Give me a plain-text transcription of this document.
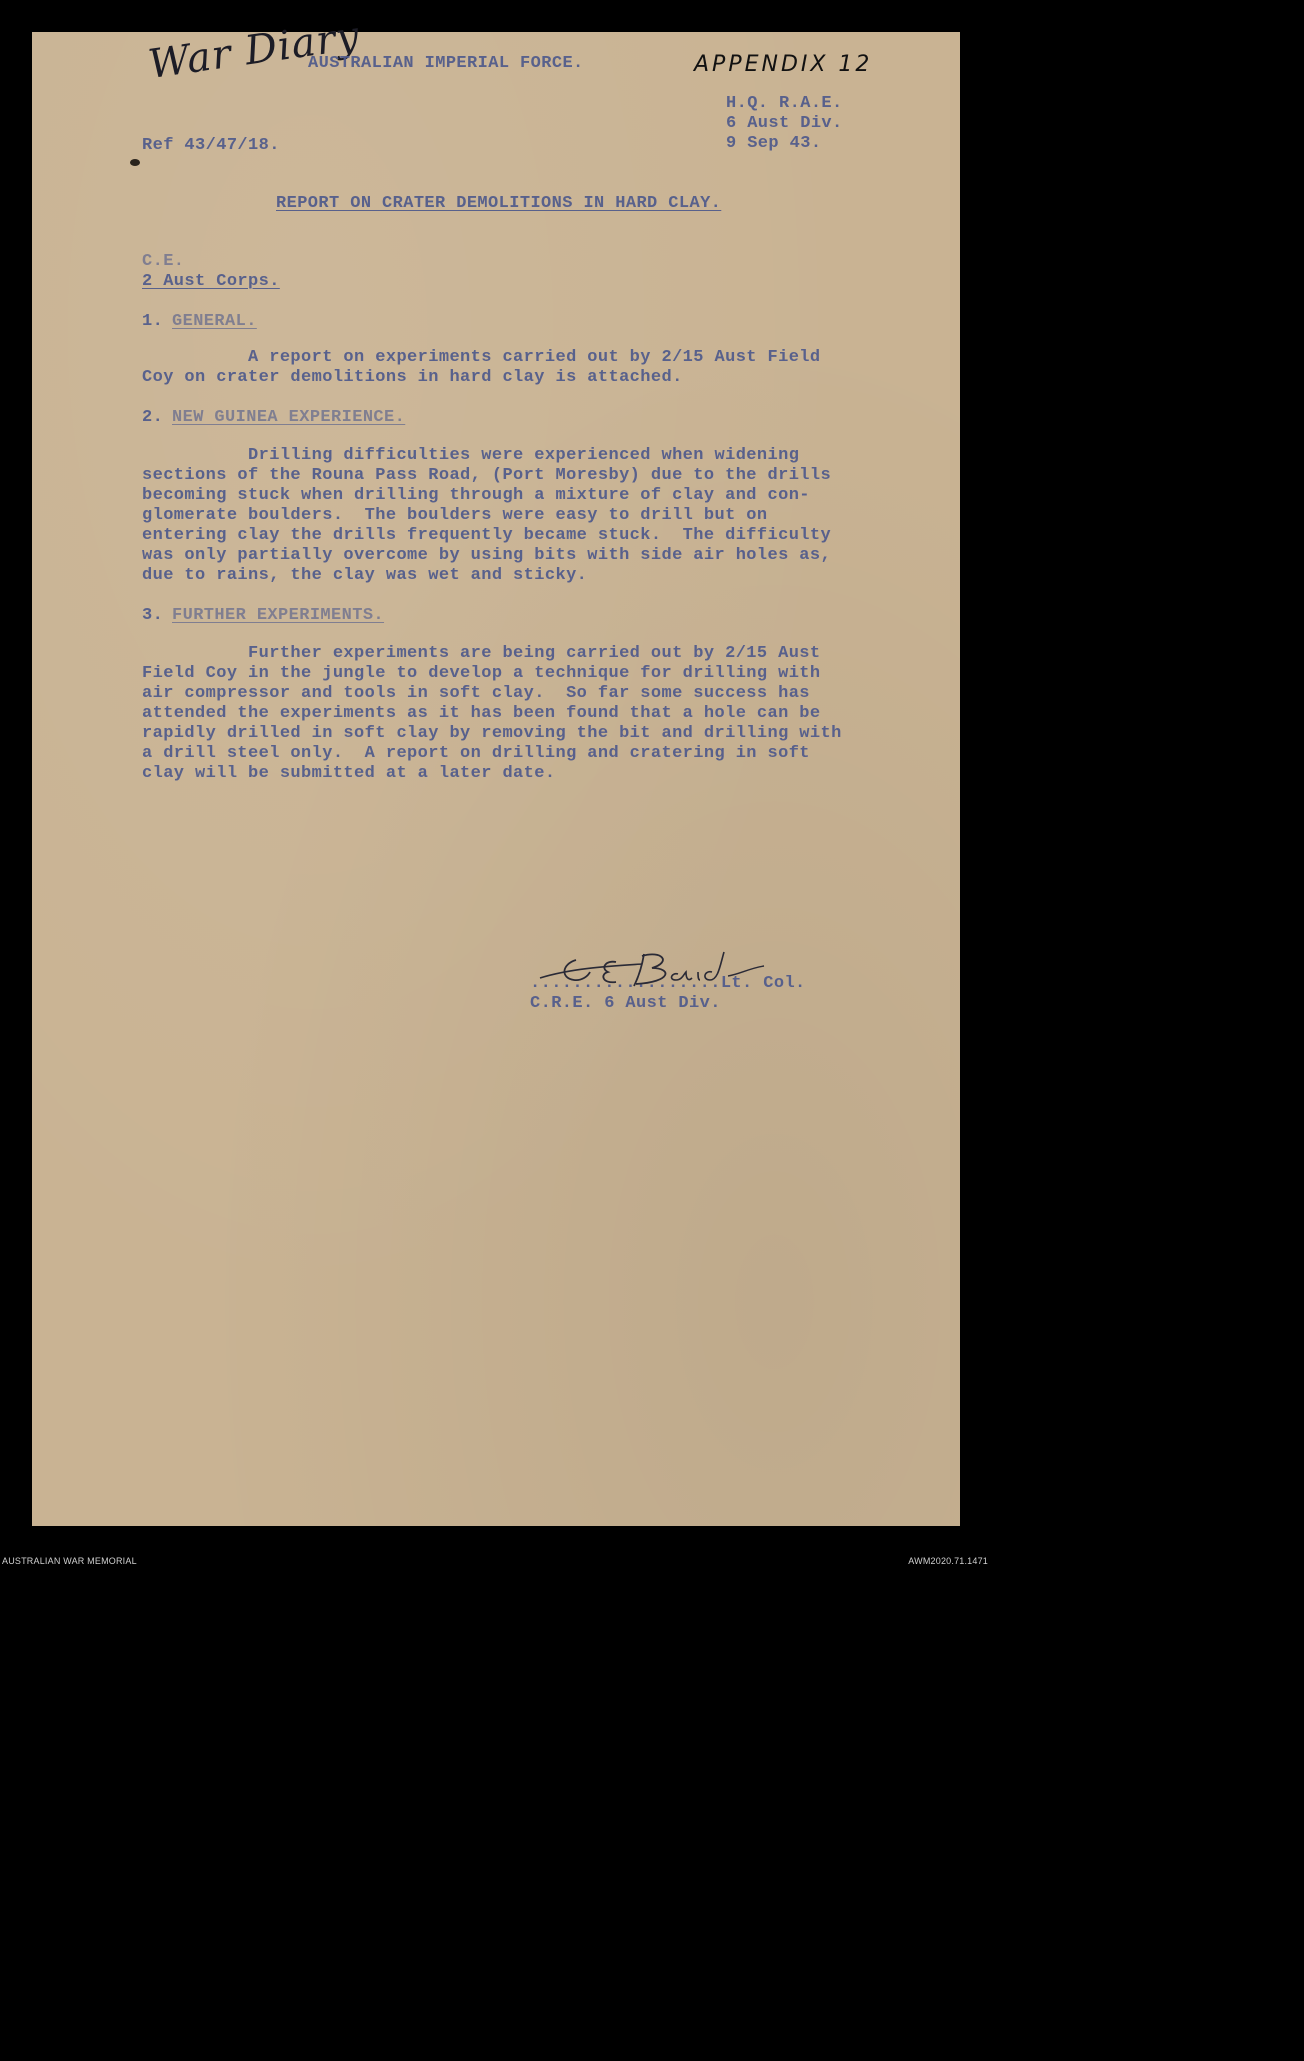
War Diary
AUSTRALIAN IMPERIAL FORCE.	APPENDIX 12
H.Q. R.A.E.
6 Aust Div.
9 Sep 43.
Ref 43/47/18.
REPORT ON CRATER DEMOLITIONS IN HARD CLAY.
C.E.
2 Aust Corps.
1. GENERAL.
A report on experiments carried out by 2/15 Aust Field
Coy on crater demolitions in hard clay is attached.
2. NEW GUINEA EXPERIENCE.
Drilling difficulties were experienced when widening
sections of the Rouna Pass Road, (Port Moresby) due to the drills
becoming stuck when drilling through a mixture of clay and con-
glomerate boulders.  The boulders were easy to drill but on
entering clay the drills frequently became stuck.  The difficulty
was only partially overcome by using bits with side air holes as,
due to rains, the clay was wet and sticky.
3. FURTHER EXPERIMENTS.
Further experiments are being carried out by 2/15 Aust
Field Coy in the jungle to develop a technique for drilling with
air compressor and tools in soft clay.  So far some success has
attended the experiments as it has been found that a hole can be
rapidly drilled in soft clay by removing the bit and drilling with
a drill steel only.  A report on drilling and cratering in soft
clay will be submitted at a later date.
..................Lt. Col.
C.R.E. 6 Aust Div.
AUSTRALIAN WAR MEMORIAL	AWM2020.71.1471
